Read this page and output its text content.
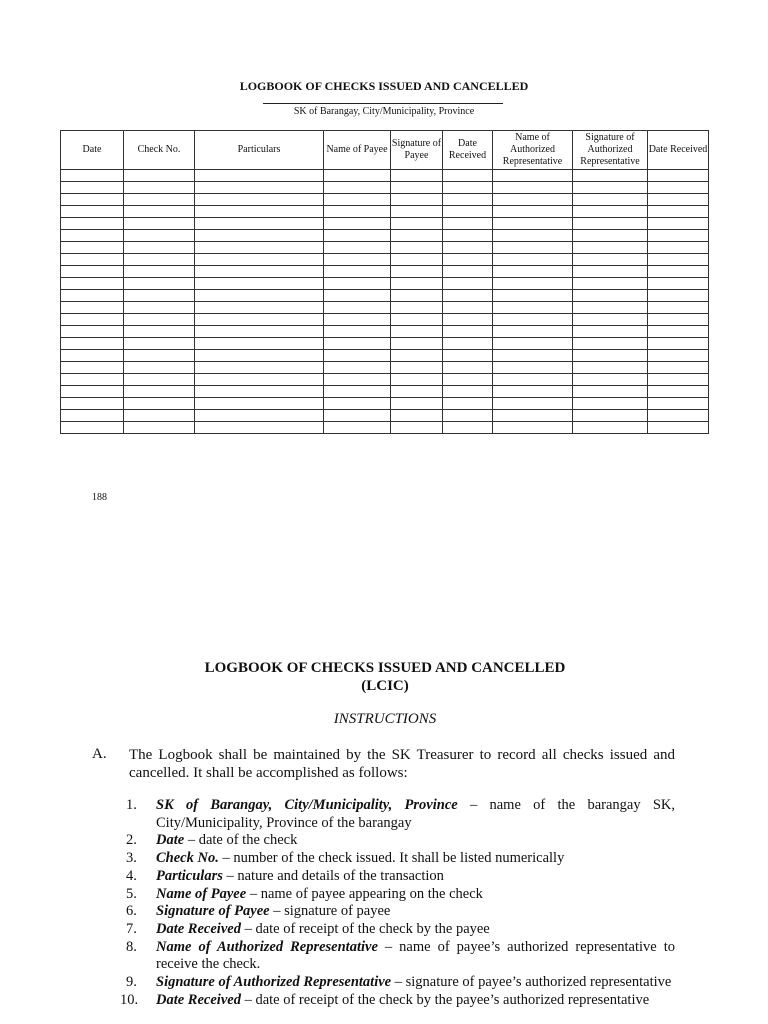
LOGBOOK OF CHECKS ISSUED AND CANCELLED
SK of Barangay, City/Municipality, Province
Date	Check No.	Particulars	Name of Payee	Signature of Payee	Date Received	Name of Authorized Representative	Signature of Authorized Representative	Date Received

188
LOGBOOK OF CHECKS ISSUED AND CANCELLED
(LCIC)
INSTRUCTIONS
A. The Logbook shall be maintained by the SK Treasurer to record all checks issued and cancelled. It shall be accomplished as follows:
1.	SK of Barangay, City/Municipality, Province – name of the barangay SK, City/Municipality, Province of the barangay
2.	Date – date of the check
3.	Check No. – number of the check issued. It shall be listed numerically
4.	Particulars – nature and details of the transaction
5.	Name of Payee – name of payee appearing on the check
6.	Signature of Payee – signature of payee
7.	Date Received – date of receipt of the check by the payee
8.	Name of Authorized Representative – name of payee’s authorized representative to receive the check.
9.	Signature of Authorized Representative – signature of payee’s authorized representative
10. Date Received – date of receipt of the check by the payee’s authorized representative
